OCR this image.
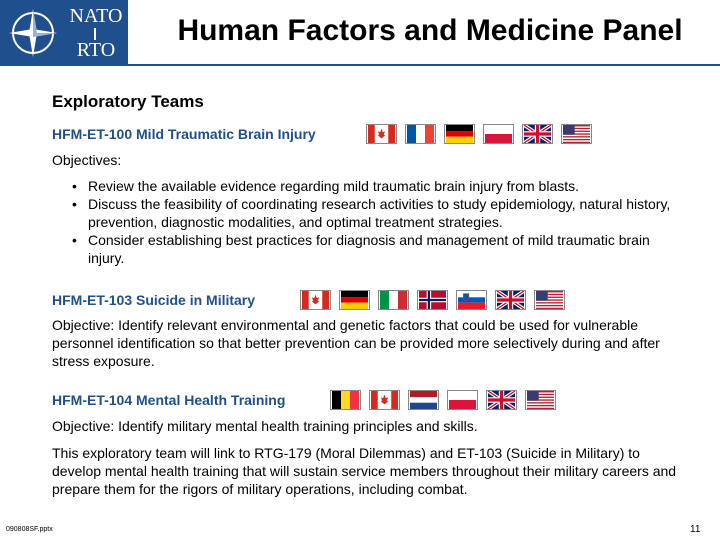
NATO
RTO
Human Factors and Medicine Panel
Exploratory Teams
HFM-ET-100 Mild Traumatic Brain Injury
Objectives:
• Review the available evidence regarding mild traumatic brain injury from blasts.
• Discuss the feasibility of coordinating research activities to study epidemiology, natural history, prevention, diagnostic modalities, and optimal treatment strategies.
• Consider establishing best practices for diagnosis and management of mild traumatic brain injury.
HFM-ET-103 Suicide in Military
Objective: Identify relevant environmental and genetic factors that could be used for vulnerable personnel identification so that better prevention can be provided more selectively during and after stress exposure.
HFM-ET-104 Mental Health Training
Objective: Identify military mental health training principles and skills.
This exploratory team will link to RTG-179 (Moral Dilemmas) and ET-103 (Suicide in Military) to develop mental health training that will sustain service members throughout their military careers and prepare them for the rigors of military operations, including combat.
090808SF.pptx	11
